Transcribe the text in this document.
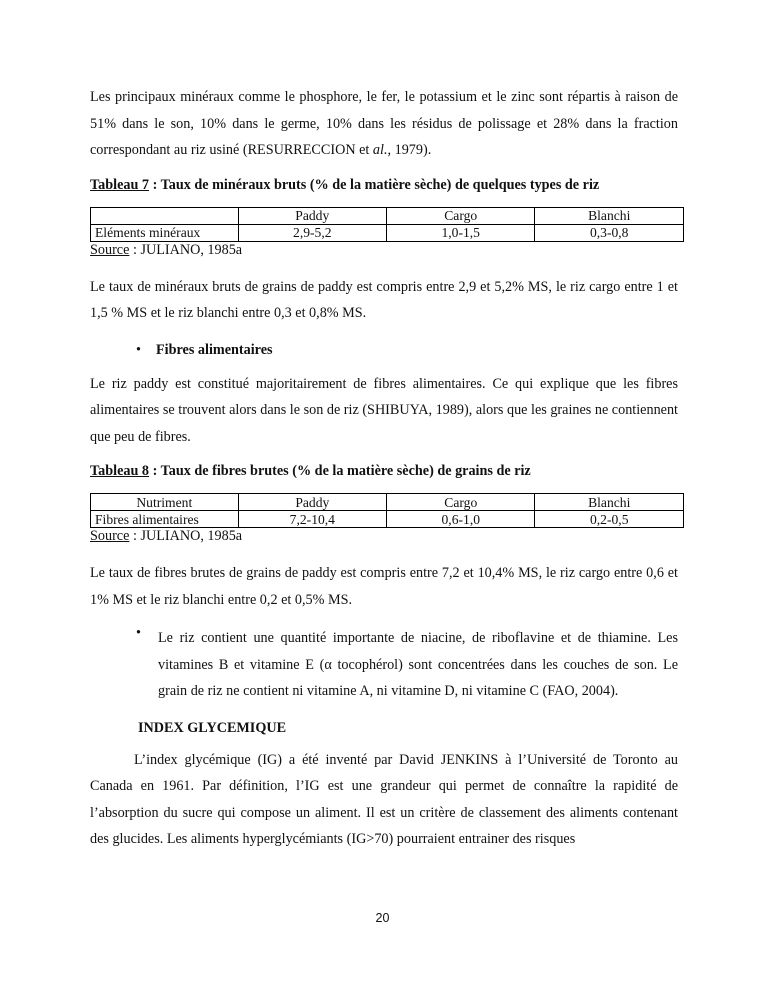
Les principaux minéraux comme le phosphore, le fer, le potassium et le zinc sont répartis à raison de 51% dans le son, 10% dans le germe, 10% dans les résidus de polissage et 28% dans la fraction correspondant au riz usiné (RESURRECCION et al., 1979).

Tableau 7 : Taux de minéraux bruts (% de la matière sèche) de quelques types de riz
	Paddy	Cargo	Blanchi
Eléments minéraux	2,9-5,2	1,0-1,5	0,3-0,8
Source : JULIANO, 1985a

Le taux de minéraux bruts de grains de paddy est compris entre 2,9 et 5,2% MS, le riz cargo entre 1 et 1,5 % MS et le riz blanchi entre 0,3 et 0,8% MS.

• Fibres alimentaires

Le riz paddy est constitué majoritairement de fibres alimentaires. Ce qui explique que les fibres alimentaires se trouvent alors dans le son de riz (SHIBUYA, 1989), alors que les graines ne contiennent que peu de fibres.

Tableau 8 : Taux de fibres brutes (% de la matière sèche) de grains de riz
Nutriment	Paddy	Cargo	Blanchi
Fibres alimentaires	7,2-10,4	0,6-1,0	0,2-0,5
Source : JULIANO, 1985a

Le taux de fibres brutes de grains de paddy est compris entre 7,2 et 10,4% MS, le riz cargo entre 0,6 et 1% MS et le riz blanchi entre 0,2 et 0,5% MS.

• Le riz contient une quantité importante de niacine, de riboflavine et de thiamine. Les vitamines B et vitamine E (α tocophérol) sont concentrées dans les couches de son. Le grain de riz ne contient ni vitamine A, ni vitamine D, ni vitamine C (FAO, 2004).

INDEX GLYCEMIQUE

L’index glycémique (IG) a été inventé par David JENKINS à l’Université de Toronto au Canada en 1961. Par définition, l’IG est une grandeur qui permet de connaître la rapidité de l’absorption du sucre qui compose un aliment. Il est un critère de classement des aliments contenant des glucides. Les aliments hyperglycémiants (IG>70) pourraient entrainer des risques

20
